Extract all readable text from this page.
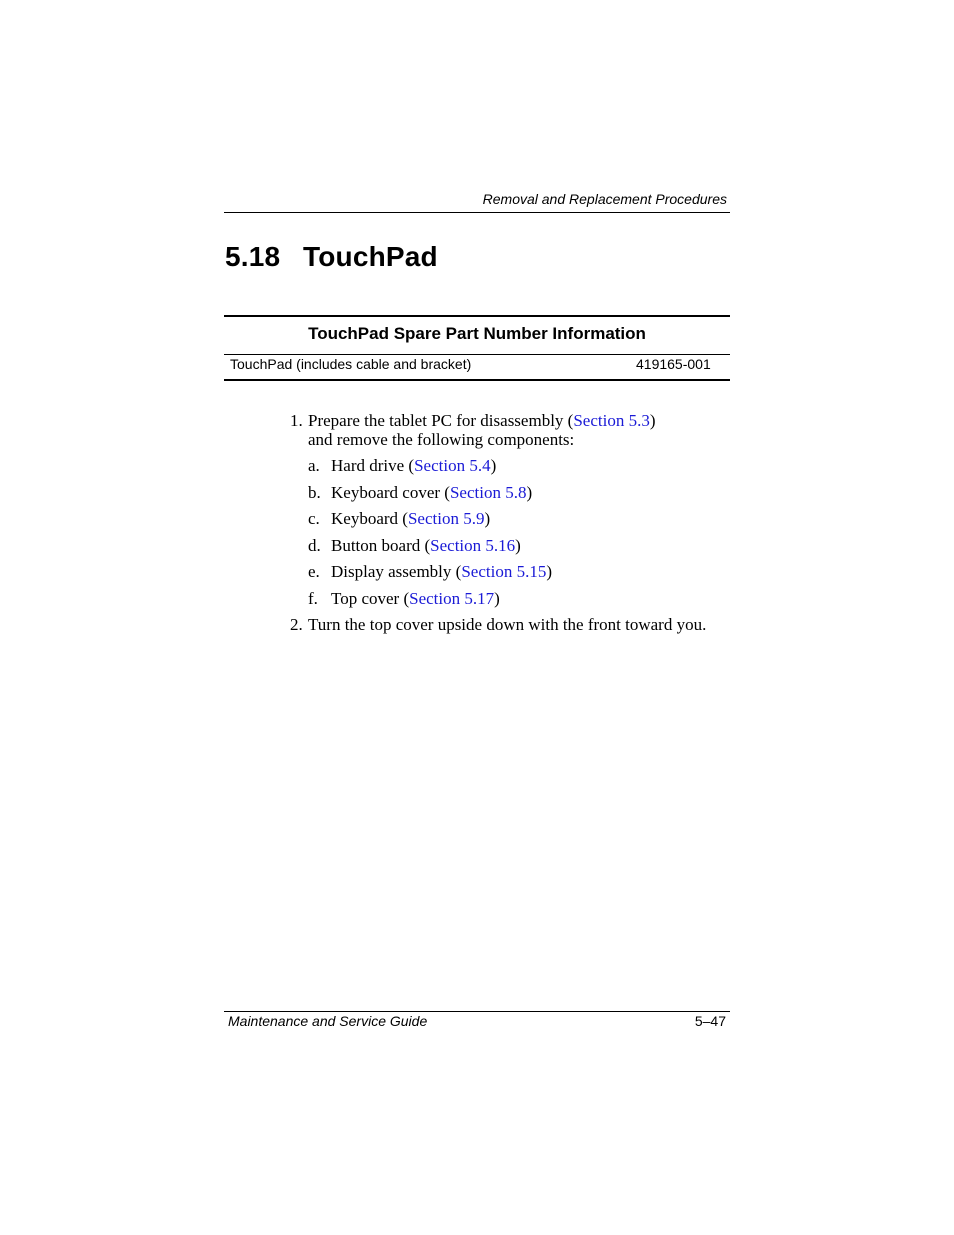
Removal and Replacement Procedures
5.18 TouchPad
TouchPad Spare Part Number Information
TouchPad (includes cable and bracket)	419165-001
1. Prepare the tablet PC for disassembly (Section 5.3)
and remove the following components:
a. Hard drive (Section 5.4)
b. Keyboard cover (Section 5.8)
c. Keyboard (Section 5.9)
d. Button board (Section 5.16)
e. Display assembly (Section 5.15)
f. Top cover (Section 5.17)
2. Turn the top cover upside down with the front toward you.
Maintenance and Service Guide	5–47
